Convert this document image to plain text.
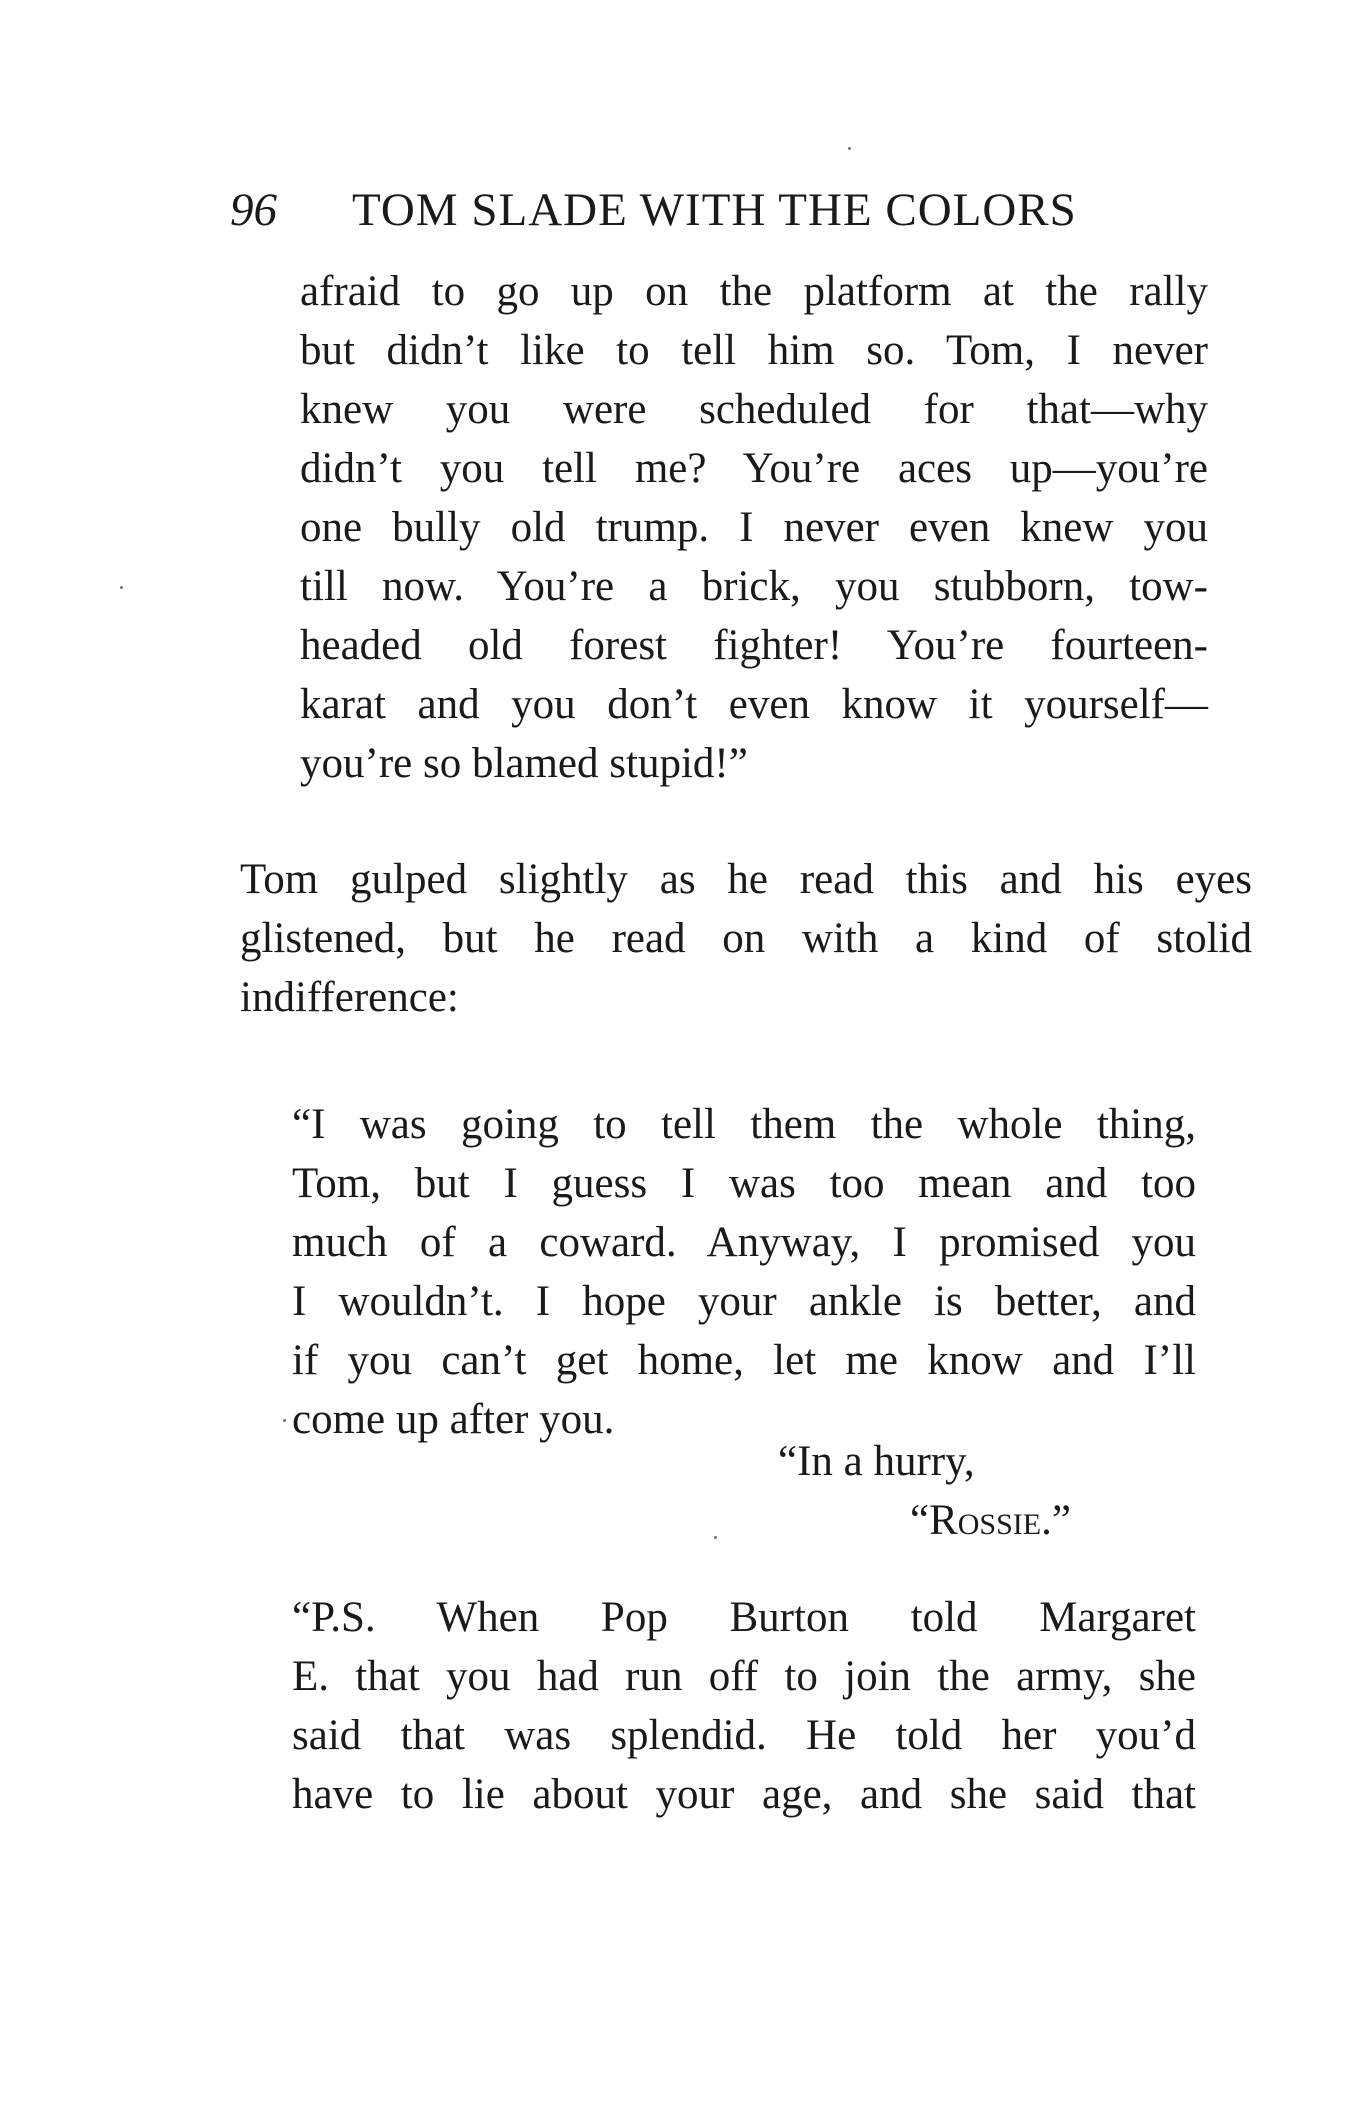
96 TOM SLADE WITH THE COLORS
afraid to go up on the platform at the rally
but didn’t like to tell him so. Tom, I never
knew you were scheduled for that—why
didn’t you tell me? You’re aces up—you’re
one bully old trump. I never even knew you
till now. You’re a brick, you stubborn, tow-
headed old forest fighter! You’re fourteen-
karat and you don’t even know it yourself—
you’re so blamed stupid!”
Tom gulped slightly as he read this and his eyes
glistened, but he read on with a kind of stolid
indifference:
“I was going to tell them the whole thing,
Tom, but I guess I was too mean and too
much of a coward. Anyway, I promised you
I wouldn’t. I hope your ankle is better, and
if you can’t get home, let me know and I’ll
come up after you.
“In a hurry,
“Rossie.”
“P.S. When Pop Burton told Margaret
E. that you had run off to join the army, she
said that was splendid. He told her you’d
have to lie about your age, and she said that
